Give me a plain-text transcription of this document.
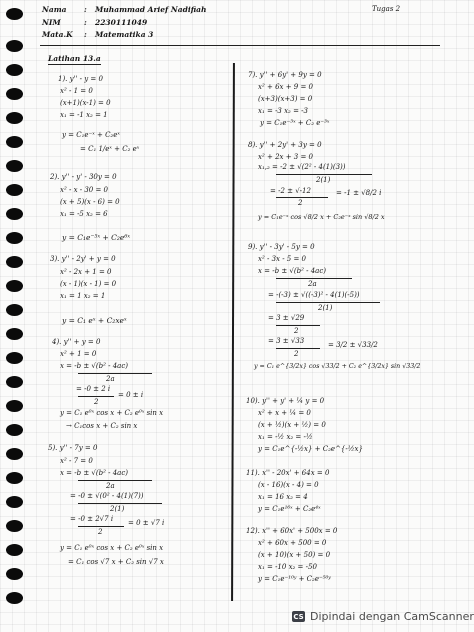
Nama : Muhammad Arief Nadifiah	Tugas 2
NIM	: 2230111049
Mata.K : Matematika 3
Latihan 13.a
1). y'' - y = 0
x² - 1 = 0
(x+1)(x-1) = 0
x₁ = -1 x₂ = 1
y = C₁e⁻ˣ + C₂eˣ
= C₁ 1/eˣ + C₂ eˣ
2). y'' - y' - 30y = 0
x² - x - 30 = 0
(x + 5)(x - 6) = 0
x₁ = -5 x₂ = 6
y = C₁e⁻⁵ˣ + C₂e⁶ˣ
3). y'' - 2y' + y = 0
x² - 2x + 1 = 0
(x - 1)(x - 1) = 0
x₁ = 1 x₂ = 1
y = C₁ eˣ + C₂xeˣ
4). y'' + y = 0
x² + 1 = 0
x = -b ± √(b² - 4ac)
2a
= -0 ± 2 i
2
= 0 ± i
y = C₁ e⁰ˣ cos x + C₂ e⁰ˣ sin x
→ C₁cos x + C₂ sin x
5). y'' - 7y = 0
x² - 7 = 0
x = -b ± √(b² - 4ac)
2a
= -0 ± √(0² - 4(1)(7))
2(1)
= -0 ± 2√7 i
2
= 0 ± √7 i
y = C₁ e⁰ˣ cos x + C₂ e⁰ˣ sin x
= C₁ cos √7 x + C₂ sin √7 x
7). y'' + 6y' + 9y = 0
x² + 6x + 9 = 0
(x+3)(x+3) = 0
x₁ = -3 x₂ = -3
y = C₁e⁻³ˣ + C₂ e⁻³ˣ
8). y'' + 2y' + 3y = 0
x² + 2x + 3 = 0
x₁,₂ = -2 ± √(2² - 4(1)(3))
2(1)
= -2 ± √-12
2
= -1 ± √8/2 i
y = C₁e⁻ˣ cos √8/2 x + C₂e⁻ˣ sin √8/2 x
9). y'' - 3y' - 5y = 0
x² - 3x - 5 = 0
x = -b ± √(b² - 4ac)
2a
= -(-3) ± √((-3)² - 4(1)(-5))
2(1)
= 3 ± √29
2
= 3 ± √33
2
= 3/2 ± √33/2
y = C₁ e^{3/2x} cos √33/2 + C₂ e^{3/2x} sin √33/2
10). y'' + y' + ¼ y = 0
x² + x + ¼ = 0
(x + ½)(x + ½) = 0
x₁ = -½ x₂ = -½
y = C₁e^{-½x} + C₂e^{-½x}
11). x'' - 20x' + 64x = 0
(x - 16)(x - 4) = 0
x₁ = 16 x₂ = 4
y = C₁e¹⁶ˣ + C₂e⁴ˣ
12). x'' + 60x' + 500x = 0
x² + 60x + 500 = 0
(x + 10)(x + 50) = 0
x₁ = -10 x₂ = -50
y = C₁e⁻¹⁰ʸ + C₂e⁻⁵⁰ʸ
CS Dipindai dengan CamScanner
